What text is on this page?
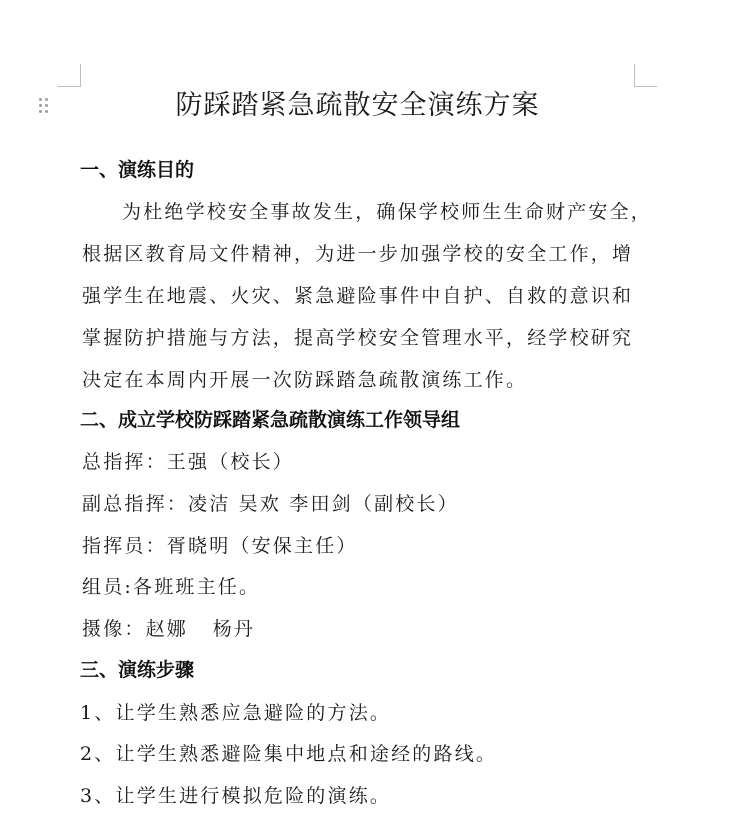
防踩踏紧急疏散安全演练方案
一、演练目的
为杜绝学校安全事故发生，确保学校师生生命财产安全，
根据区教育局文件精神，为进一步加强学校的安全工作，增
强学生在地震、火灾、紧急避险事件中自护、自救的意识和
掌握防护措施与方法，提高学校安全管理水平，经学校研究
决定在本周内开展一次防踩踏急疏散演练工作。
二、成立学校防踩踏紧急疏散演练工作领导组
总指挥：王强（校长）
副总指挥：凌洁 吴欢 李田剑（副校长）
指挥员：胥晓明（安保主任）
组员:各班班主任。
摄像：赵娜   杨丹
三、演练步骤
1、让学生熟悉应急避险的方法。
2、让学生熟悉避险集中地点和途经的路线。
3、让学生进行模拟危险的演练。
